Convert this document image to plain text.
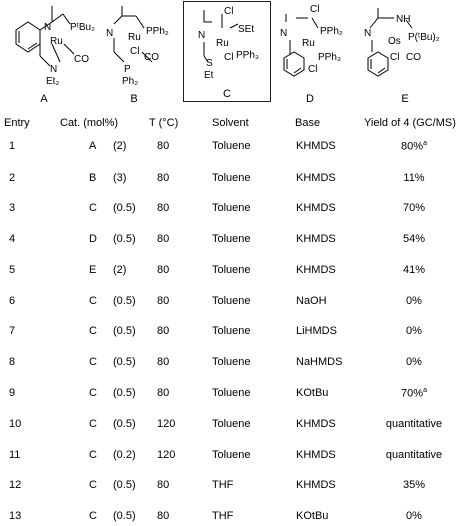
Ru
PᵗBu₂
N
N
Et₂
CO
A
N Ru
PPh₂
Cl
CO
P
Ph₂
B
Cl
SEt
N
Ru
S
Cl PPh₃
Et
C
N
Cl
Ru
PPh₂
PPh₃
Cl
D
N
NH
Os P(ᵗBu)₂
Cl CO
E
Entry	Cat. (mol%)	T (°C)	Solvent	Base	Yield of 4 (GC/MS)
1	A (2)	80	Toluene	KHMDS	80%$^a$
2	B (3)	80	Toluene	KHMDS	11%
3	C (0.5) 80	Toluene	KHMDS	70%
4	D (0.5) 80	Toluene	KHMDS	54%
5	E (2)	80	Toluene	KHMDS	41%
6	C (0.5) 80	Toluene	NaOH	0%
7	C (0.5) 80	Toluene	LiHMDS	0%
8	C (0.5) 80	Toluene	NaHMDS	0%
9	C (0.5) 80	Toluene	KOtBu	70%$^a$
10	C (0.5) 120	Toluene	KHMDS	quantitative
11	C (0.2) 120	Toluene	KHMDS	quantitative
12	C (0.5) 80	THF	KHMDS	35%
13	C (0.5) 80	THF	KOtBu	0%
